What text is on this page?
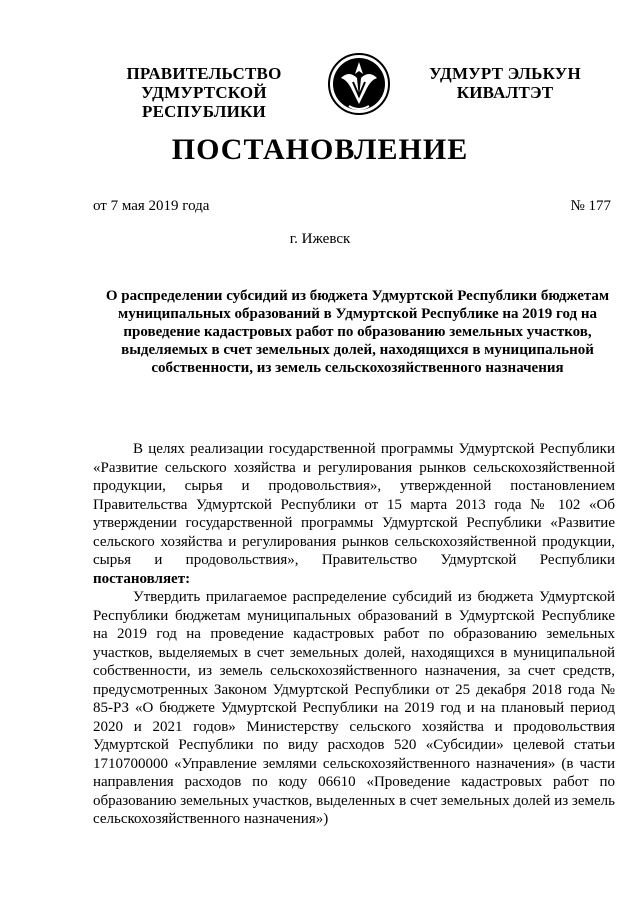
ПРАВИТЕЛЬСТВО
УДМУРТСКОЙ РЕСПУБЛИКИ
УДМУРТ ЭЛЬКУН
КИВАЛТЭТ
ПОСТАНОВЛЕНИЕ
от 7 мая 2019 года	№ 177
г. Ижевск
О распределении субсидий из бюджета Удмуртской Республики бюджетам муниципальных образований в Удмуртской Республике на 2019 год на проведение кадастровых работ по образованию земельных участков, выделяемых в счет земельных долей, находящихся в муниципальной собственности, из земель сельскохозяйственного назначения

В целях реализации государственной программы Удмуртской Республики «Развитие сельского хозяйства и регулирования рынков сельскохозяйственной продукции, сырья и продовольствия», утвержденной постановлением Правительства Удмуртской Республики от 15 марта 2013 года № 102 «Об утверждении государственной программы Удмуртской Республики «Развитие сельского хозяйства и регулирования рынков сельскохозяйственной продукции, сырья и продовольствия», Правительство Удмуртской Республики постановляет:

Утвердить прилагаемое распределение субсидий из бюджета Удмуртской Республики бюджетам муниципальных образований в Удмуртской Республике на 2019 год на проведение кадастровых работ по образованию земельных участков, выделяемых в счет земельных долей, находящихся в муниципальной собственности, из земель сельскохозяйственного назначения, за счет средств, предусмотренных Законом Удмуртской Республики от 25 декабря 2018 года № 85-РЗ «О бюджете Удмуртской Республики на 2019 год и на плановый период 2020 и 2021 годов» Министерству сельского хозяйства и продовольствия Удмуртской Республики по виду расходов 520 «Субсидии» целевой статьи 1710700000 «Управление землями сельскохозяйственного назначения» (в части направления расходов по коду 06610 «Проведение кадастровых работ по образованию земельных участков, выделенных в счет земельных долей из земель сельскохозяйственного назначения»)
